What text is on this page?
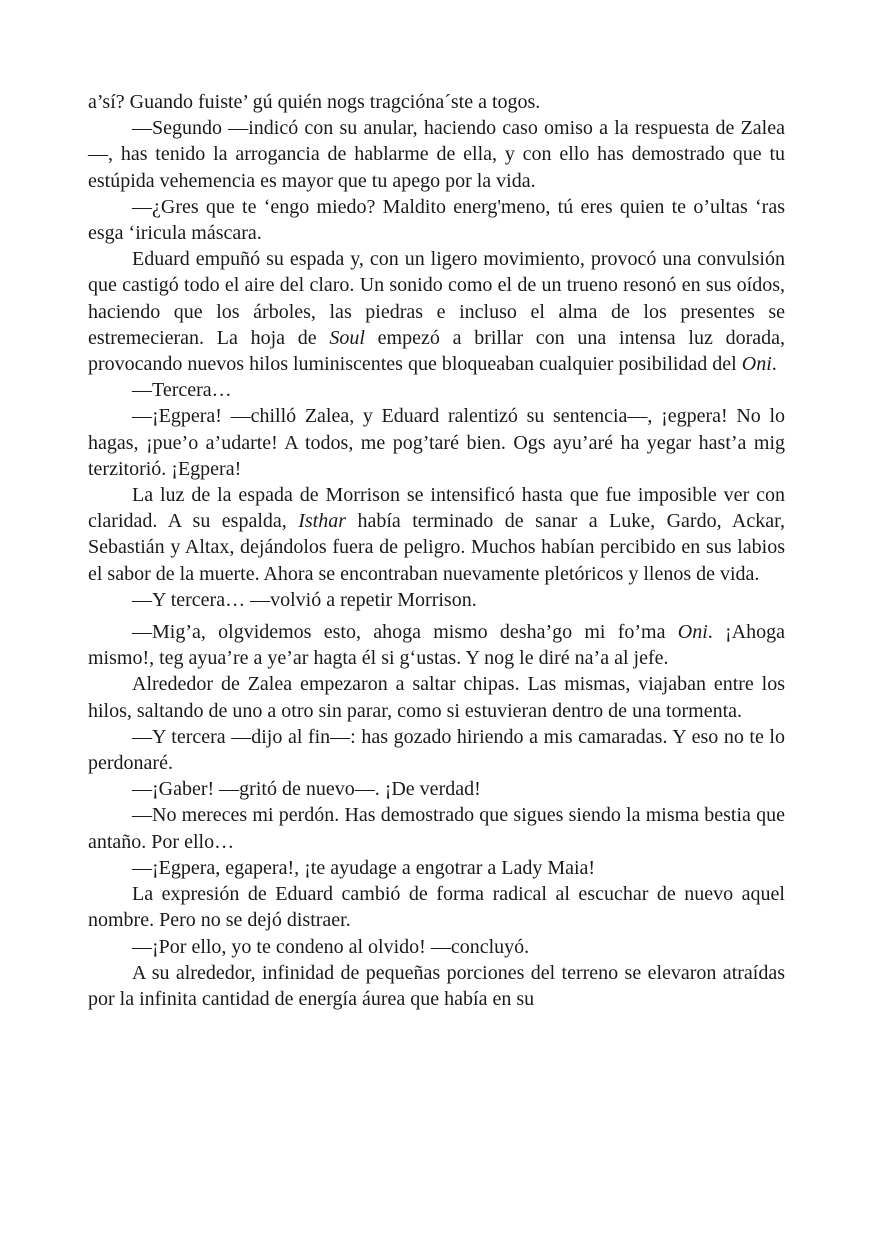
a’sí? Guando fuiste’ gú quién nogs tragcióna´ste a togos.

—Segundo —indicó con su anular, haciendo caso omiso a la respuesta de Zalea—, has tenido la arrogancia de hablarme de ella, y con ello has demostrado que tu estúpida vehemencia es mayor que tu apego por la vida.

—¿Gres que te ‘engo miedo? Maldito energ'meno, tú eres quien te o’ultas ‘ras esga ‘iricula máscara.

Eduard empuñó su espada y, con un ligero movimiento, provocó una convulsión que castigó todo el aire del claro. Un sonido como el de un trueno resonó en sus oídos, haciendo que los árboles, las piedras e incluso el alma de los presentes se estremecieran. La hoja de Soul empezó a brillar con una intensa luz dorada, provocando nuevos hilos luminiscentes que bloqueaban cualquier posibilidad del Oni.

—Tercera…

—¡Egpera! —chilló Zalea, y Eduard ralentizó su sentencia—, ¡egpera! No lo hagas, ¡pue’o a’udarte! A todos, me pog’taré bien. Ogs ayu’aré ha yegar hast’a mig terzitorió. ¡Egpera!

La luz de la espada de Morrison se intensificó hasta que fue imposible ver con claridad. A su espalda, Isthar había terminado de sanar a Luke, Gardo, Ackar, Sebastián y Altax, dejándolos fuera de peligro. Muchos habían percibido en sus labios el sabor de la muerte. Ahora se encontraban nuevamente pletóricos y llenos de vida.

—Y tercera… —volvió a repetir Morrison.

—Mig’a, olgvidemos esto, ahoga mismo desha’go mi fo’ma Oni. ¡Ahoga mismo!, teg ayua’re a ye’ar hagta él si g‘ustas. Y nog le diré na’a al jefe.

Alrededor de Zalea empezaron a saltar chipas. Las mismas, viajaban entre los hilos, saltando de uno a otro sin parar, como si estuvieran dentro de una tormenta.

—Y tercera —dijo al fin—: has gozado hiriendo a mis camaradas. Y eso no te lo perdonaré.

—¡Gaber! —gritó de nuevo—. ¡De verdad!

—No mereces mi perdón. Has demostrado que sigues siendo la misma bestia que antaño. Por ello…

—¡Egpera, egapera!, ¡te ayudage a engotrar a Lady Maia!

La expresión de Eduard cambió de forma radical al escuchar de nuevo aquel nombre. Pero no se dejó distraer.

—¡Por ello, yo te condeno al olvido! —concluyó.

A su alrededor, infinidad de pequeñas porciones del terreno se elevaron atraídas por la infinita cantidad de energía áurea que había en su
